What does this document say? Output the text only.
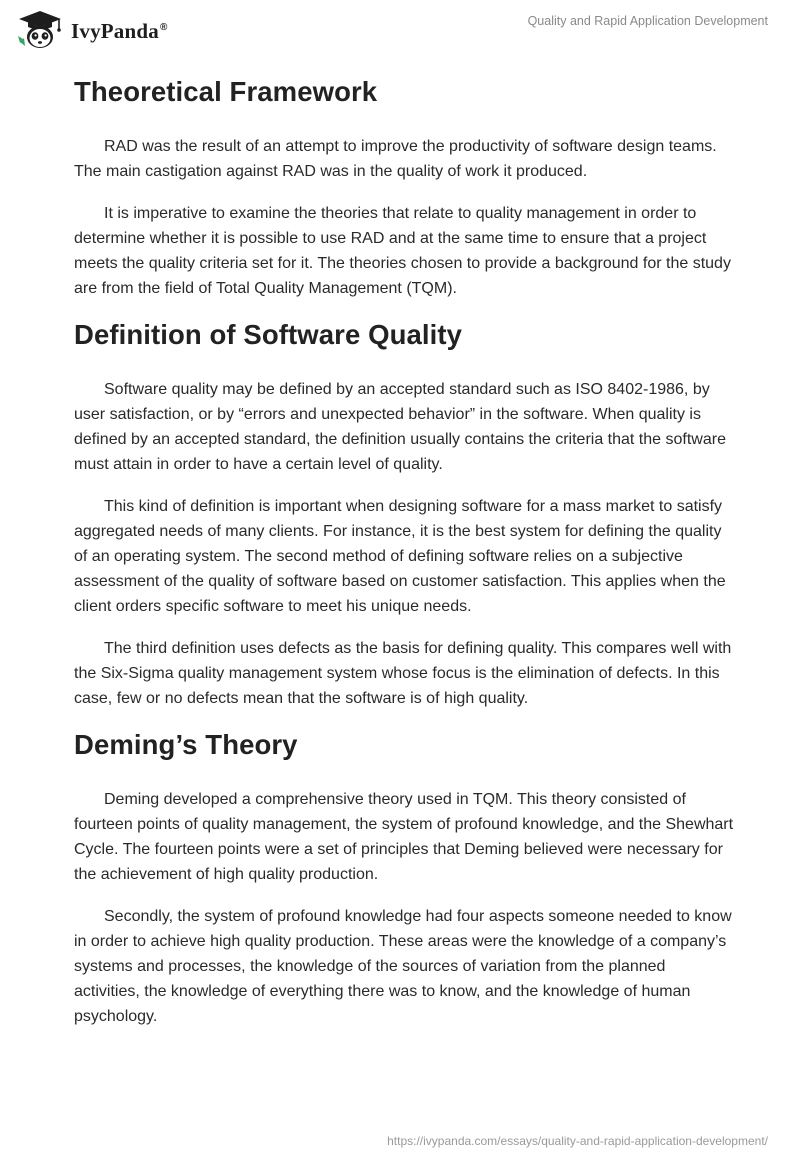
IvyPanda®	Quality and Rapid Application Development
Theoretical Framework

RAD was the result of an attempt to improve the productivity of software design teams. The main castigation against RAD was in the quality of work it produced.

It is imperative to examine the theories that relate to quality management in order to determine whether it is possible to use RAD and at the same time to ensure that a project meets the quality criteria set for it. The theories chosen to provide a background for the study are from the field of Total Quality Management (TQM).

Definition of Software Quality

Software quality may be defined by an accepted standard such as ISO 8402-1986, by user satisfaction, or by “errors and unexpected behavior” in the software. When quality is defined by an accepted standard, the definition usually contains the criteria that the software must attain in order to have a certain level of quality.

This kind of definition is important when designing software for a mass market to satisfy aggregated needs of many clients. For instance, it is the best system for defining the quality of an operating system. The second method of defining software relies on a subjective assessment of the quality of software based on customer satisfaction. This applies when the client orders specific software to meet his unique needs.

The third definition uses defects as the basis for defining quality. This compares well with the Six-Sigma quality management system whose focus is the elimination of defects. In this case, few or no defects mean that the software is of high quality.

Deming’s Theory

Deming developed a comprehensive theory used in TQM. This theory consisted of fourteen points of quality management, the system of profound knowledge, and the Shewhart Cycle. The fourteen points were a set of principles that Deming believed were necessary for the achievement of high quality production.

Secondly, the system of profound knowledge had four aspects someone needed to know in order to achieve high quality production. These areas were the knowledge of a company’s systems and processes, the knowledge of the sources of variation from the planned activities, the knowledge of everything there was to know, and the knowledge of human psychology.

https://ivypanda.com/essays/quality-and-rapid-application-development/
